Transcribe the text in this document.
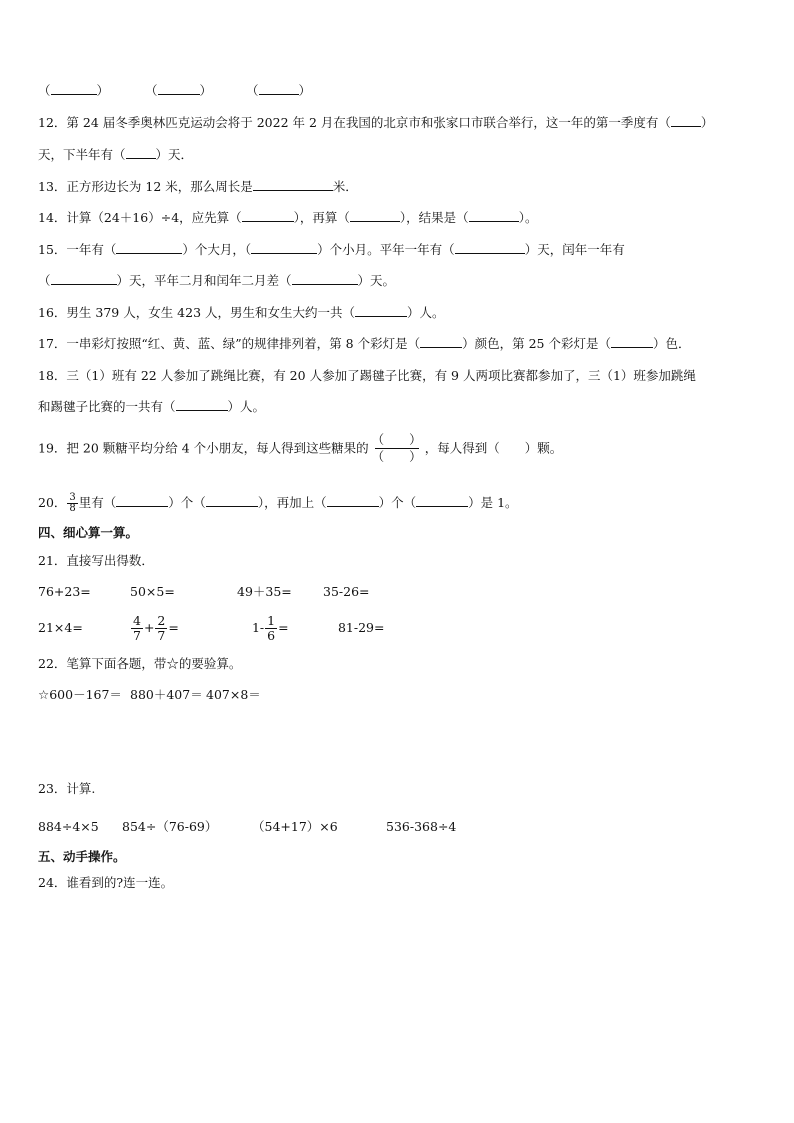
（	）	（	）	（	）
12．第 24 届冬季奥林匹克运动会将于 2022 年 2 月在我国的北京市和张家口市联合举行，这一年的第一季度有（ ）
天，下半年有（ ）天．
13．正方形边长为 12 米，那么周长是	米．
14．计算（24＋16）÷4，应先算（	），再算（	），结果是（	）。
15．一年有（	）个大月，（	）个小月。平年一年有（	）天，闰年一年有
（	）天，平年二月和闰年二月差（	）天。
16．男生 379 人，女生 423 人，男生和女生大约一共（	）人。
17．一串彩灯按照“红、黄、蓝、绿”的规律排列着，第 8 个彩灯是（	）颜色，第 25 个彩灯是（	）色．
18．三（1）班有 22 人参加了跳绳比赛，有 20 人参加了踢毽子比赛，有 9 人两项比赛都参加了，三（1）班参加跳绳
和踢毽子比赛的一共有（	）人。
19．把 20 颗糖平均分给 4 个小朋友，每人得到这些糖果的
（　　）
（　　）
，每人得到（　　）颗。
20． $\frac{3}{8}$ 里有（	）个（	），再加上（	）个（	）是 1。
四、细心算一算。
21．直接写出得数．
76+23=	50×5=	49＋35= 35-26=
21×4=	$\frac{4}{7} + \frac{2}{7}$ =	$1- \frac{1}{6}$ =	81-29=
22．笔算下面各题，带☆的要验算。
☆600－167＝ 880＋407＝ 407×8＝
23．计算.
884÷4×5 854÷（76-69）	（54+17）×6	536-368÷4
五、动手操作。
24．谁看到的?连一连。
